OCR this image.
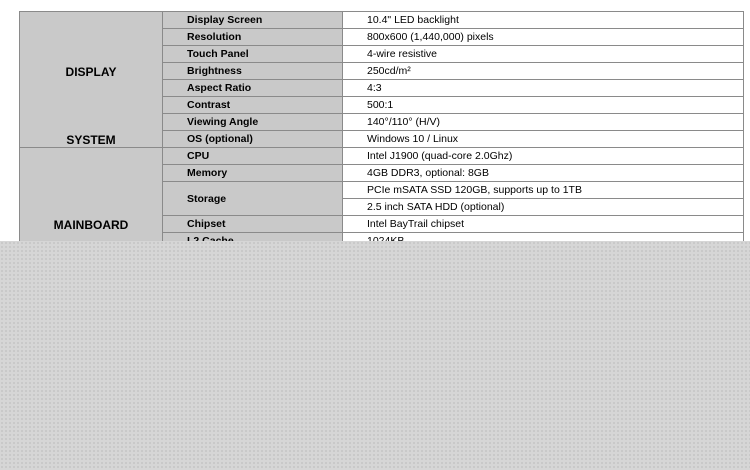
DISPLAY
SYSTEM	Display Screen	10.4" LED backlight
	Resolution	800x600 (1,440,000) pixels
	Touch Panel	4-wire resistive
	Brightness	250cd/m²
	Aspect Ratio	4:3
	Contrast	500:1
	Viewing Angle	140°/110° (H/V)
	OS (optional)	Windows 10 / Linux

MAINBOARD	CPU	Intel J1900 (quad-core 2.0Ghz)
	Memory	4GB DDR3, optional: 8GB
	Storage	PCIe mSATA SSD 120GB, supports up to 1TB
		2.5 inch SATA HDD (optional)
	Chipset	Intel BayTrail chipset
